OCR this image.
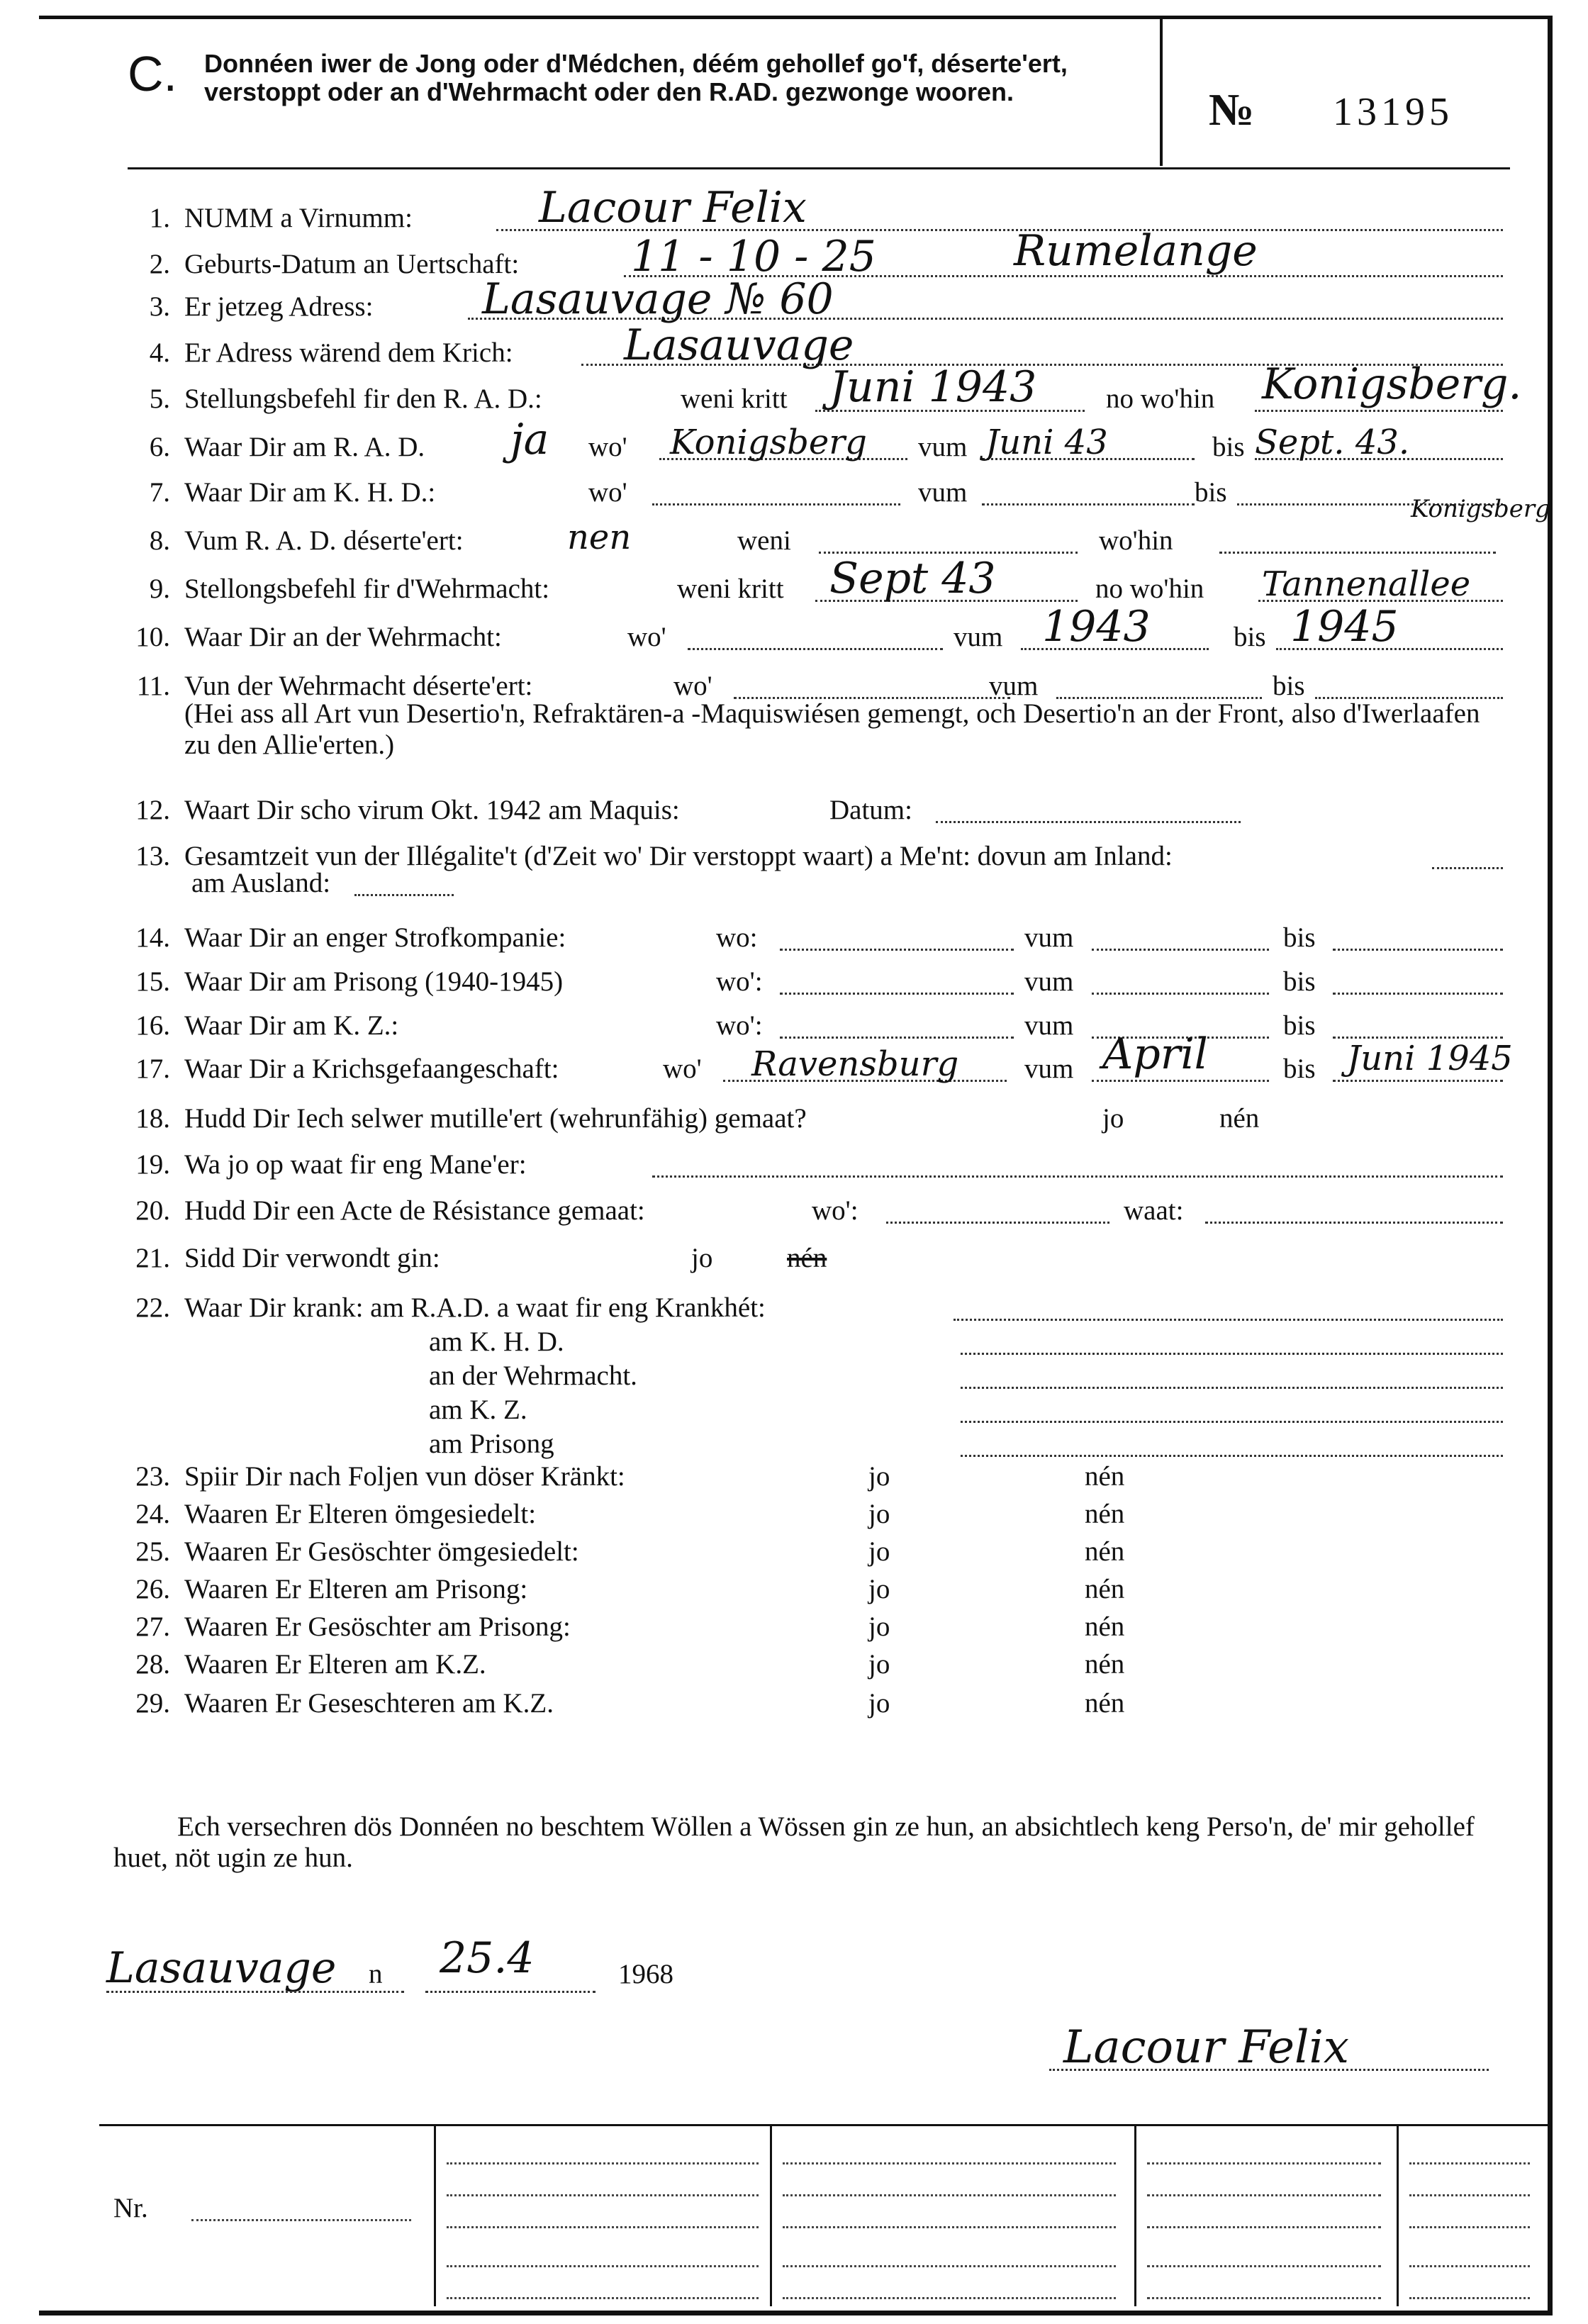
C. Donnéen iwer de Jong oder d'Médchen, déém gehollef go'f, déserte'ert, verstoppt oder an d'Wehrmacht oder den R.AD. gezwonge wooren.	№ 13195
1. NUMM a Virnumm:	Lacour Felix
2. Geburts-Datum an Uertschaft:	11 - 10 - 25	Rumelange
3. Er jetzeg Adress:	Lasauvage № 60
4. Er Adress wärend dem Krich:	Lasauvage
5. Stellungsbefehl fir den R. A. D.:	weni kritt Juni 1943	no wo'hin Konigsberg.
6. Waar Dir am R. A. D. ja wo' Konigsberg vum Juni 43	bis Sept. 43.
7. Waar Dir am K. H. D.:	wo'	vum	bis
8. Vum R. A. D. déserte'ert:	nen	weni	wo'hin
Konigsberg
9. Stellongsbefehl fir d'Wehrmacht:	weni kritt Sept 43	no wo'hin Tannenallee
10. Waar Dir an der Wehrmacht:	wo'	vum 1943	bis 1945
11. Vun der Wehrmacht déserte'ert:	wo'	vum	bis
(Hei ass all Art vun Desertio'n, Refraktären-a -Maquiswiésen gemengt, och Desertio'n an der Front, also d'Iwerlaafen zu den Allie'erten.)
12. Waart Dir scho virum Okt. 1942 am Maquis:	Datum:
13. Gesamtzeit vun der Illégalite't (d'Zeit wo' Dir verstoppt waart) a Me'nt: dovun am Inland:
am Ausland:
14. Waar Dir an enger Strofkompanie:	wo:	vum	bis
15. Waar Dir am Prisong (1940-1945)	wo':	vum	bis
16. Waar Dir am K. Z.:	wo':	vum	bis
17. Waar Dir a Krichsgefaangeschaft:	wo' Ravensburg vum April	bis Juni 1945
18. Hudd Dir Iech selwer mutille'ert (wehrunfähig) gemaat?	jo	nén
19. Wa jo op waat fir eng Mane'er:
20. Hudd Dir een Acte de Résistance gemaat:	wo':	waat:
21. Sidd Dir verwondt gin:	jo	nén
22. Waar Dir krank: am R.A.D. a waat fir eng Krankhét:
am K. H. D.
an der Wehrmacht.
am K. Z.
am Prisong
23. Spiir Dir nach Foljen vun döser Kränkt:	jo	nén
24. Waaren Er Elteren ömgesiedelt:	jo	nén
25. Waaren Er Gesöschter ömgesiedelt:	jo	nén
26. Waaren Er Elteren am Prisong:	jo	nén
27. Waaren Er Gesöschter am Prisong:	jo	nén
28. Waaren Er Elteren am K.Z.	jo	nén
29. Waaren Er Geseschteren am K.Z.	jo	nén
Ech versechren dös Donnéen no beschtem Wöllen a Wössen gin ze hun, an absichtlech keng Perso'n, de' mir gehollef huet, nöt ugin ze hun.
Lasauvage n 25.4	1968
Lacour Felix
Nr.
